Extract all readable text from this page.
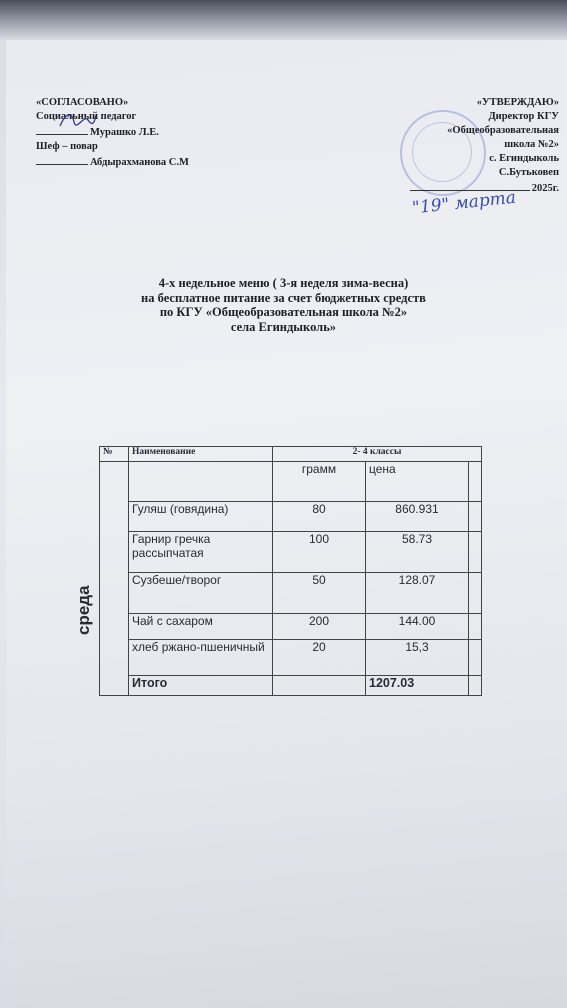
«СОГЛАСОВАНО»
Социальный педагог
Мурашко Л.Е.
Шеф – повар
Абдырахманова С.М
«УТВЕРЖДАЮ»
Директор КГУ
«Общеобразовательная
школа №2»
с. Егиндыколь
С.Бутьковеп
2025г.
"19" марта
4-х недельное меню ( 3-я неделя зима-весна)
на бесплатное питание за счет бюджетных средств
по КГУ «Общеобразовательная школа №2»
села Егиндыколь»
№	Наименование	2- 4 классы		

среда		грамм	цена	
	Гуляш (говядина)	80	860.931	
	Гарнир гречка рассыпчатая	100	58.73	
	Сузбеше/творог	50	128.07	
	Чай с сахаром	200	144.00	
	хлеб ржано-пшеничный	20	15,3	
	Итого		1207.03	
